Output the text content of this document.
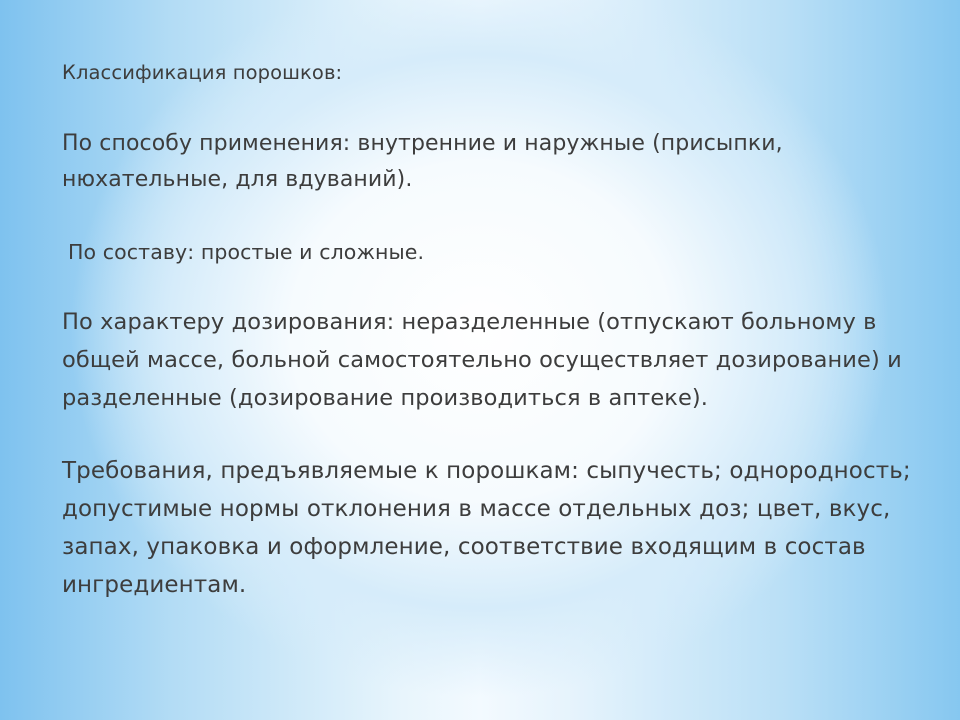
Классификация порошков:

По способу применения: внутренние и наружные (присыпки, нюхательные, для вдуваний).

По составу: простые и сложные.

По характеру дозирования: неразделенные (отпускают больному в общей массе, больной самостоятельно осуществляет дозирование) и разделенные (дозирование производиться в аптеке).

Требования, предъявляемые к порошкам: сыпучесть; однородность; допустимые нормы отклонения в массе отдельных доз; цвет, вкус, запах, упаковка и оформление, соответствие входящим в состав ингредиентам.
